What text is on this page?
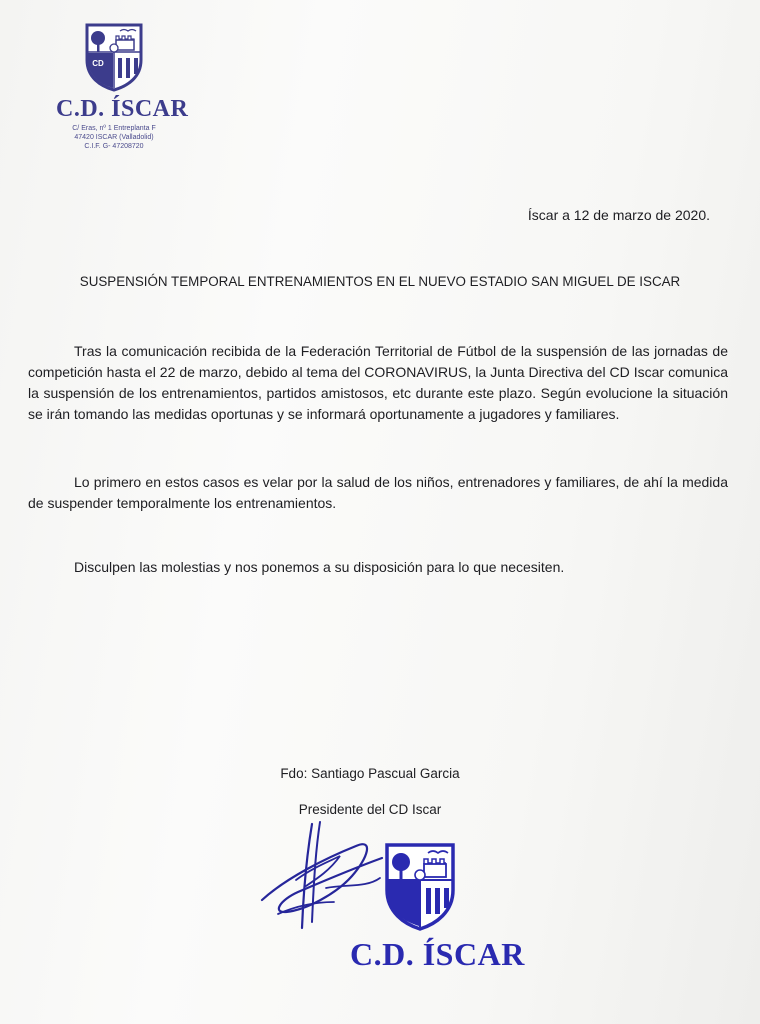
CD
C.D. ÍSCAR
C/ Eras, nº 1 Entreplanta F
47420 ISCAR (Valladolid)
C.I.F. G- 47208720
Íscar a 12 de marzo de 2020.
SUSPENSIÓN TEMPORAL ENTRENAMIENTOS EN EL NUEVO ESTADIO SAN MIGUEL DE ISCAR
Tras la comunicación recibida de la Federación Territorial de Fútbol de la suspensión de las jornadas de competición hasta el 22 de marzo, debido al tema del CORONAVIRUS, la Junta Directiva del CD Iscar comunica la suspensión de los entrenamientos, partidos amistosos, etc durante este plazo. Según evolucione la situación se irán tomando las medidas oportunas y se informará oportunamente a jugadores y familiares.
Lo primero en estos casos es velar por la salud de los niños, entrenadores y familiares, de ahí la medida de suspender temporalmente los entrenamientos.
Disculpen las molestias y nos ponemos a su disposición para lo que necesiten.
Fdo: Santiago Pascual Garcia
Presidente del CD Iscar
C.D. ÍSCAR
